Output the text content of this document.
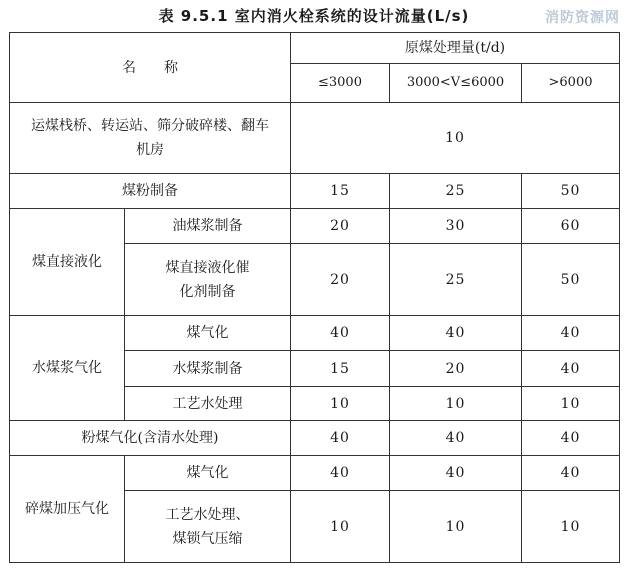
表 9.5.1 室内消火栓系统的设计流量(L/s)	消防资源网
名　　称		原煤处理量(t/d)		
		≤3000	3000<V≤6000	>6000
运煤栈桥、转运站、筛分破碎楼、翻车机房		10		
煤粉制备		15	25	50
煤直接液化	油煤浆制备	20	30	60
	煤直接液化催化剂制备	20	25	50
水煤浆气化	煤气化	40	40	40
	水煤浆制备	15	20	40
	工艺水处理	10	10	10
粉煤气化(含清水处理)		40	40	40
碎煤加压气化	煤气化	40	40	40
	工艺水处理、煤锁气压缩	10	10	10
